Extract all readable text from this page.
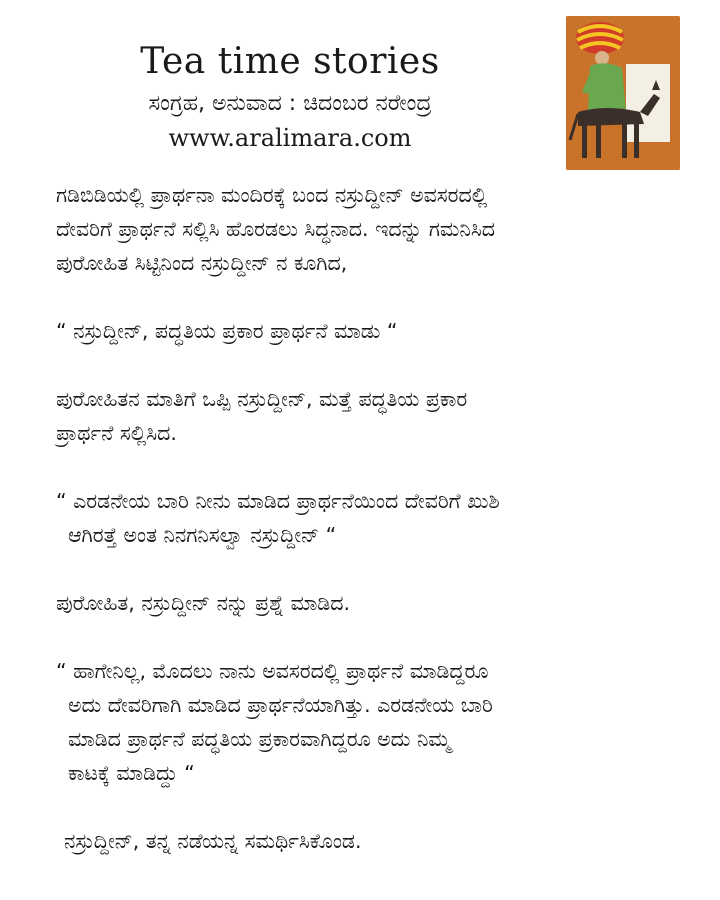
Tea time stories
ಸಂಗ್ರಹ, ಅನುವಾದ : ಚಿದಂಬರ ನರೇಂದ್ರ
www.aralimara.com

ಗಡಿಬಿಡಿಯಲ್ಲಿ ಪ್ರಾರ್ಥನಾ ಮಂದಿರಕ್ಕೆ ಬಂದ ನಸ್ರುದ್ದೀನ್ ಅವಸರದಲ್ಲಿ
ದೇವರಿಗೆ ಪ್ರಾರ್ಥನೆ ಸಲ್ಲಿಸಿ ಹೊರಡಲು ಸಿದ್ಧನಾದ. ಇದನ್ನು ಗಮನಿಸಿದ
ಪುರೋಹಿತ ಸಿಟ್ಟಿನಿಂದ ನಸ್ರುದ್ದೀನ್ ನ ಕೂಗಿದ,

“ ನಸ್ರುದ್ದೀನ್, ಪದ್ಧತಿಯ ಪ್ರಕಾರ ಪ್ರಾರ್ಥನೆ ಮಾಡು “

ಪುರೋಹಿತನ ಮಾತಿಗೆ ಒಪ್ಪಿ ನಸ್ರುದ್ದೀನ್, ಮತ್ತೆ ಪದ್ಧತಿಯ ಪ್ರಕಾರ
ಪ್ರಾರ್ಥನೆ ಸಲ್ಲಿಸಿದ.

“ ಎರಡನೇಯ ಬಾರಿ ನೀನು ಮಾಡಿದ ಪ್ರಾರ್ಥನೆಯಿಂದ ದೇವರಿಗೆ ಖುಶಿ
ಆಗಿರತ್ತೆ ಅಂತ ನಿನಗನಿಸಲ್ವಾ ನಸ್ರುದ್ದೀನ್ “

ಪುರೋಹಿತ, ನಸ್ರುದ್ದೀನ್ ನನ್ನು ಪ್ರಶ್ನೆ ಮಾಡಿದ.

“ ಹಾಗೇನಿಲ್ಲ, ಮೊದಲು ನಾನು ಅವಸರದಲ್ಲಿ ಪ್ರಾರ್ಥನೆ ಮಾಡಿದ್ದರೂ
ಅದು ದೇವರಿಗಾಗಿ ಮಾಡಿದ ಪ್ರಾರ್ಥನೆಯಾಗಿತ್ತು. ಎರಡನೇಯ ಬಾರಿ
ಮಾಡಿದ ಪ್ರಾರ್ಥನೆ ಪದ್ಧತಿಯ ಪ್ರಕಾರವಾಗಿದ್ದರೂ ಅದು ನಿಮ್ಮ
ಕಾಟಕ್ಕೆ ಮಾಡಿದ್ದು “

ನಸ್ರುದ್ದೀನ್, ತನ್ನ ನಡೆಯನ್ನ ಸಮರ್ಥಿಸಿಕೊಂಡ.
